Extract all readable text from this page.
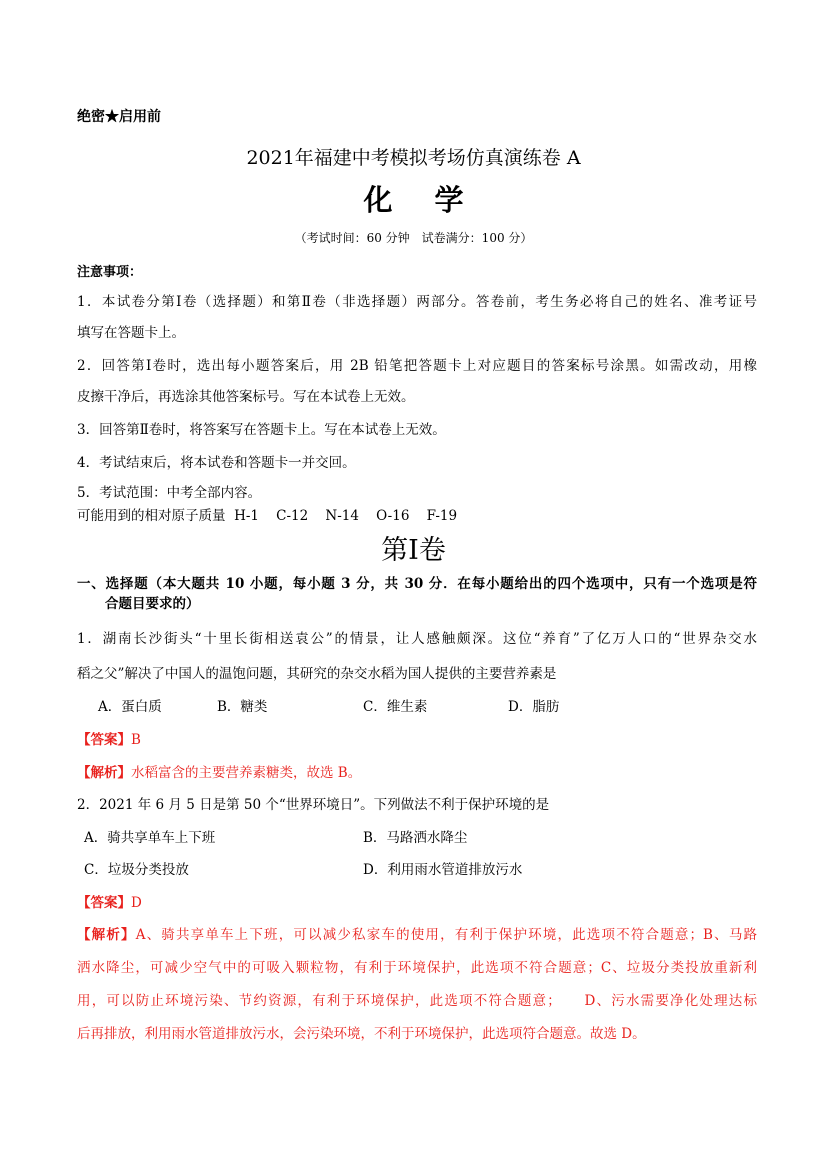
绝密★启用前
2021年福建中考模拟考场仿真演练卷 A
化学
（考试时间：60 分钟　试卷满分：100 分）
注意事项：
1．本试卷分第Ⅰ卷（选择题）和第Ⅱ卷（非选择题）两部分。答卷前，考生务必将自己的姓名、准考证号
填写在答题卡上。
2．回答第Ⅰ卷时，选出每小题答案后，用 2B 铅笔把答题卡上对应题目的答案标号涂黑。如需改动，用橡
皮擦干净后，再选涂其他答案标号。写在本试卷上无效。
3．回答第Ⅱ卷时，将答案写在答题卡上。写在本试卷上无效。
4．考试结束后，将本试卷和答题卡一并交回。
5．考试范围：中考全部内容。
可能用到的相对原子质量  H-1    C-12    N-14    O-16    F-19
第Ⅰ卷
一、选择题（本大题共 10 小题，每小题 3 分，共 30 分．在每小题给出的四个选项中，只有一个选项是符
合题目要求的）
1．湖南长沙街头“十里长街相送袁公”的情景，让人感触颇深。这位“养育”了亿万人口的“世界杂交水
稻之父”解决了中国人的温饱问题，其研究的杂交水稻为国人提供的主要营养素是
A．蛋白质	B．糖类	C．维生素	D．脂肪
【答案】B
【解析】水稻富含的主要营养素糖类，故选 B。
2．2021 年 6 月 5 日是第 50 个“世界环境日”。下列做法不利于保护环境的是
A．骑共享单车上下班	B．马路洒水降尘
C．垃圾分类投放	D．利用雨水管道排放污水
【答案】D
【解析】A、骑共享单车上下班，可以减少私家车的使用，有利于保护环境，此选项不符合题意；B、马路
洒水降尘，可减少空气中的可吸入颗粒物，有利于环境保护，此选项不符合题意；C、垃圾分类投放重新利
用，可以防止环境污染、节约资源，有利于环境保护，此选项不符合题意；　　D、污水需要净化处理达标
后再排放，利用雨水管道排放污水，会污染环境，不利于环境保护，此选项符合题意。故选 D。
